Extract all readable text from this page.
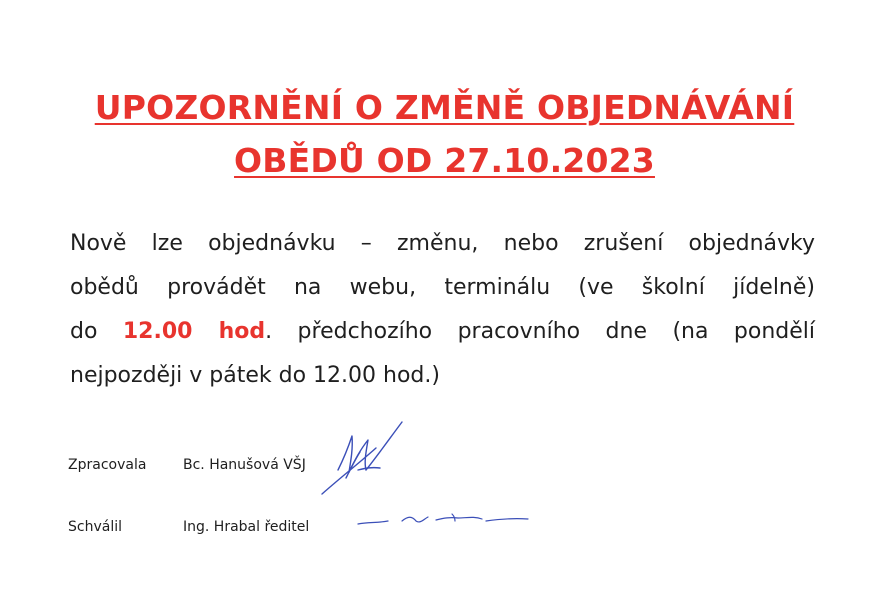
UPOZORNĚNÍ O ZMĚNĚ OBJEDNÁVÁNÍ
OBĚDŮ OD 27.10.2023
Nově lze objednávku – změnu, nebo zrušení objednávky
obědů provádět na webu, terminálu (ve školní jídelně)
do 12.00 hod. předchozího pracovního dne (na pondělí
nejpozději v pátek do 12.00 hod.)
Zpracovala	Bc. Hanušová VŠJ
Schválil	Ing. Hrabal ředitel
